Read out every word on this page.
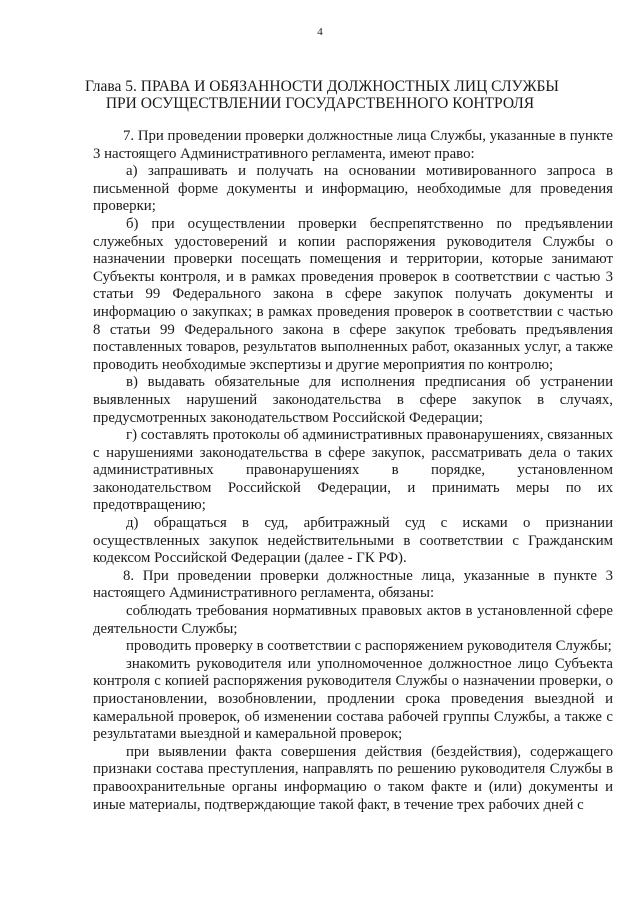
4
Глава 5. ПРАВА И ОБЯЗАННОСТИ ДОЛЖНОСТНЫХ ЛИЦ СЛУЖБЫ
ПРИ ОСУЩЕСТВЛЕНИИ ГОСУДАРСТВЕННОГО КОНТРОЛЯ

7. При проведении проверки должностные лица Службы, указанные в пункте 3 настоящего Административного регламента, имеют право:

а) запрашивать и получать на основании мотивированного запроса в письменной форме документы и информацию, необходимые для проведения проверки;

б) при осуществлении проверки беспрепятственно по предъявлении служебных удостоверений и копии распоряжения руководителя Службы о назначении проверки посещать помещения и территории, которые занимают Субъекты контроля, и в рамках проведения проверок в соответствии с частью 3 статьи 99 Федерального закона в сфере закупок получать документы и информацию о закупках; в рамках проведения проверок в соответствии с частью 8 статьи 99 Федерального закона в сфере закупок требовать предъявления поставленных товаров, результатов выполненных работ, оказанных услуг, а также проводить необходимые экспертизы и другие мероприятия по контролю;

в) выдавать обязательные для исполнения предписания об устранении выявленных нарушений законодательства в сфере закупок в случаях, предусмотренных законодательством Российской Федерации;

г) составлять протоколы об административных правонарушениях, связанных с нарушениями законодательства в сфере закупок, рассматривать дела о таких административных правонарушениях в порядке, установленном законодательством Российской Федерации, и принимать меры по их предотвращению;

д) обращаться в суд, арбитражный суд с исками о признании осуществленных закупок недействительными в соответствии с Гражданским кодексом Российской Федерации (далее - ГК РФ).

8. При проведении проверки должностные лица, указанные в пункте 3 настоящего Административного регламента, обязаны:

соблюдать требования нормативных правовых актов в установленной сфере деятельности Службы;

проводить проверку в соответствии с распоряжением руководителя Службы;

знакомить руководителя или уполномоченное должностное лицо Субъекта контроля с копией распоряжения руководителя Службы о назначении проверки, о приостановлении, возобновлении, продлении срока проведения выездной и камеральной проверок, об изменении состава рабочей группы Службы, а также с результатами выездной и камеральной проверок;

при выявлении факта совершения действия (бездействия), содержащего признаки состава преступления, направлять по решению руководителя Службы в правоохранительные органы информацию о таком факте и (или) документы и иные материалы, подтверждающие такой факт, в течение трех рабочих дней с
